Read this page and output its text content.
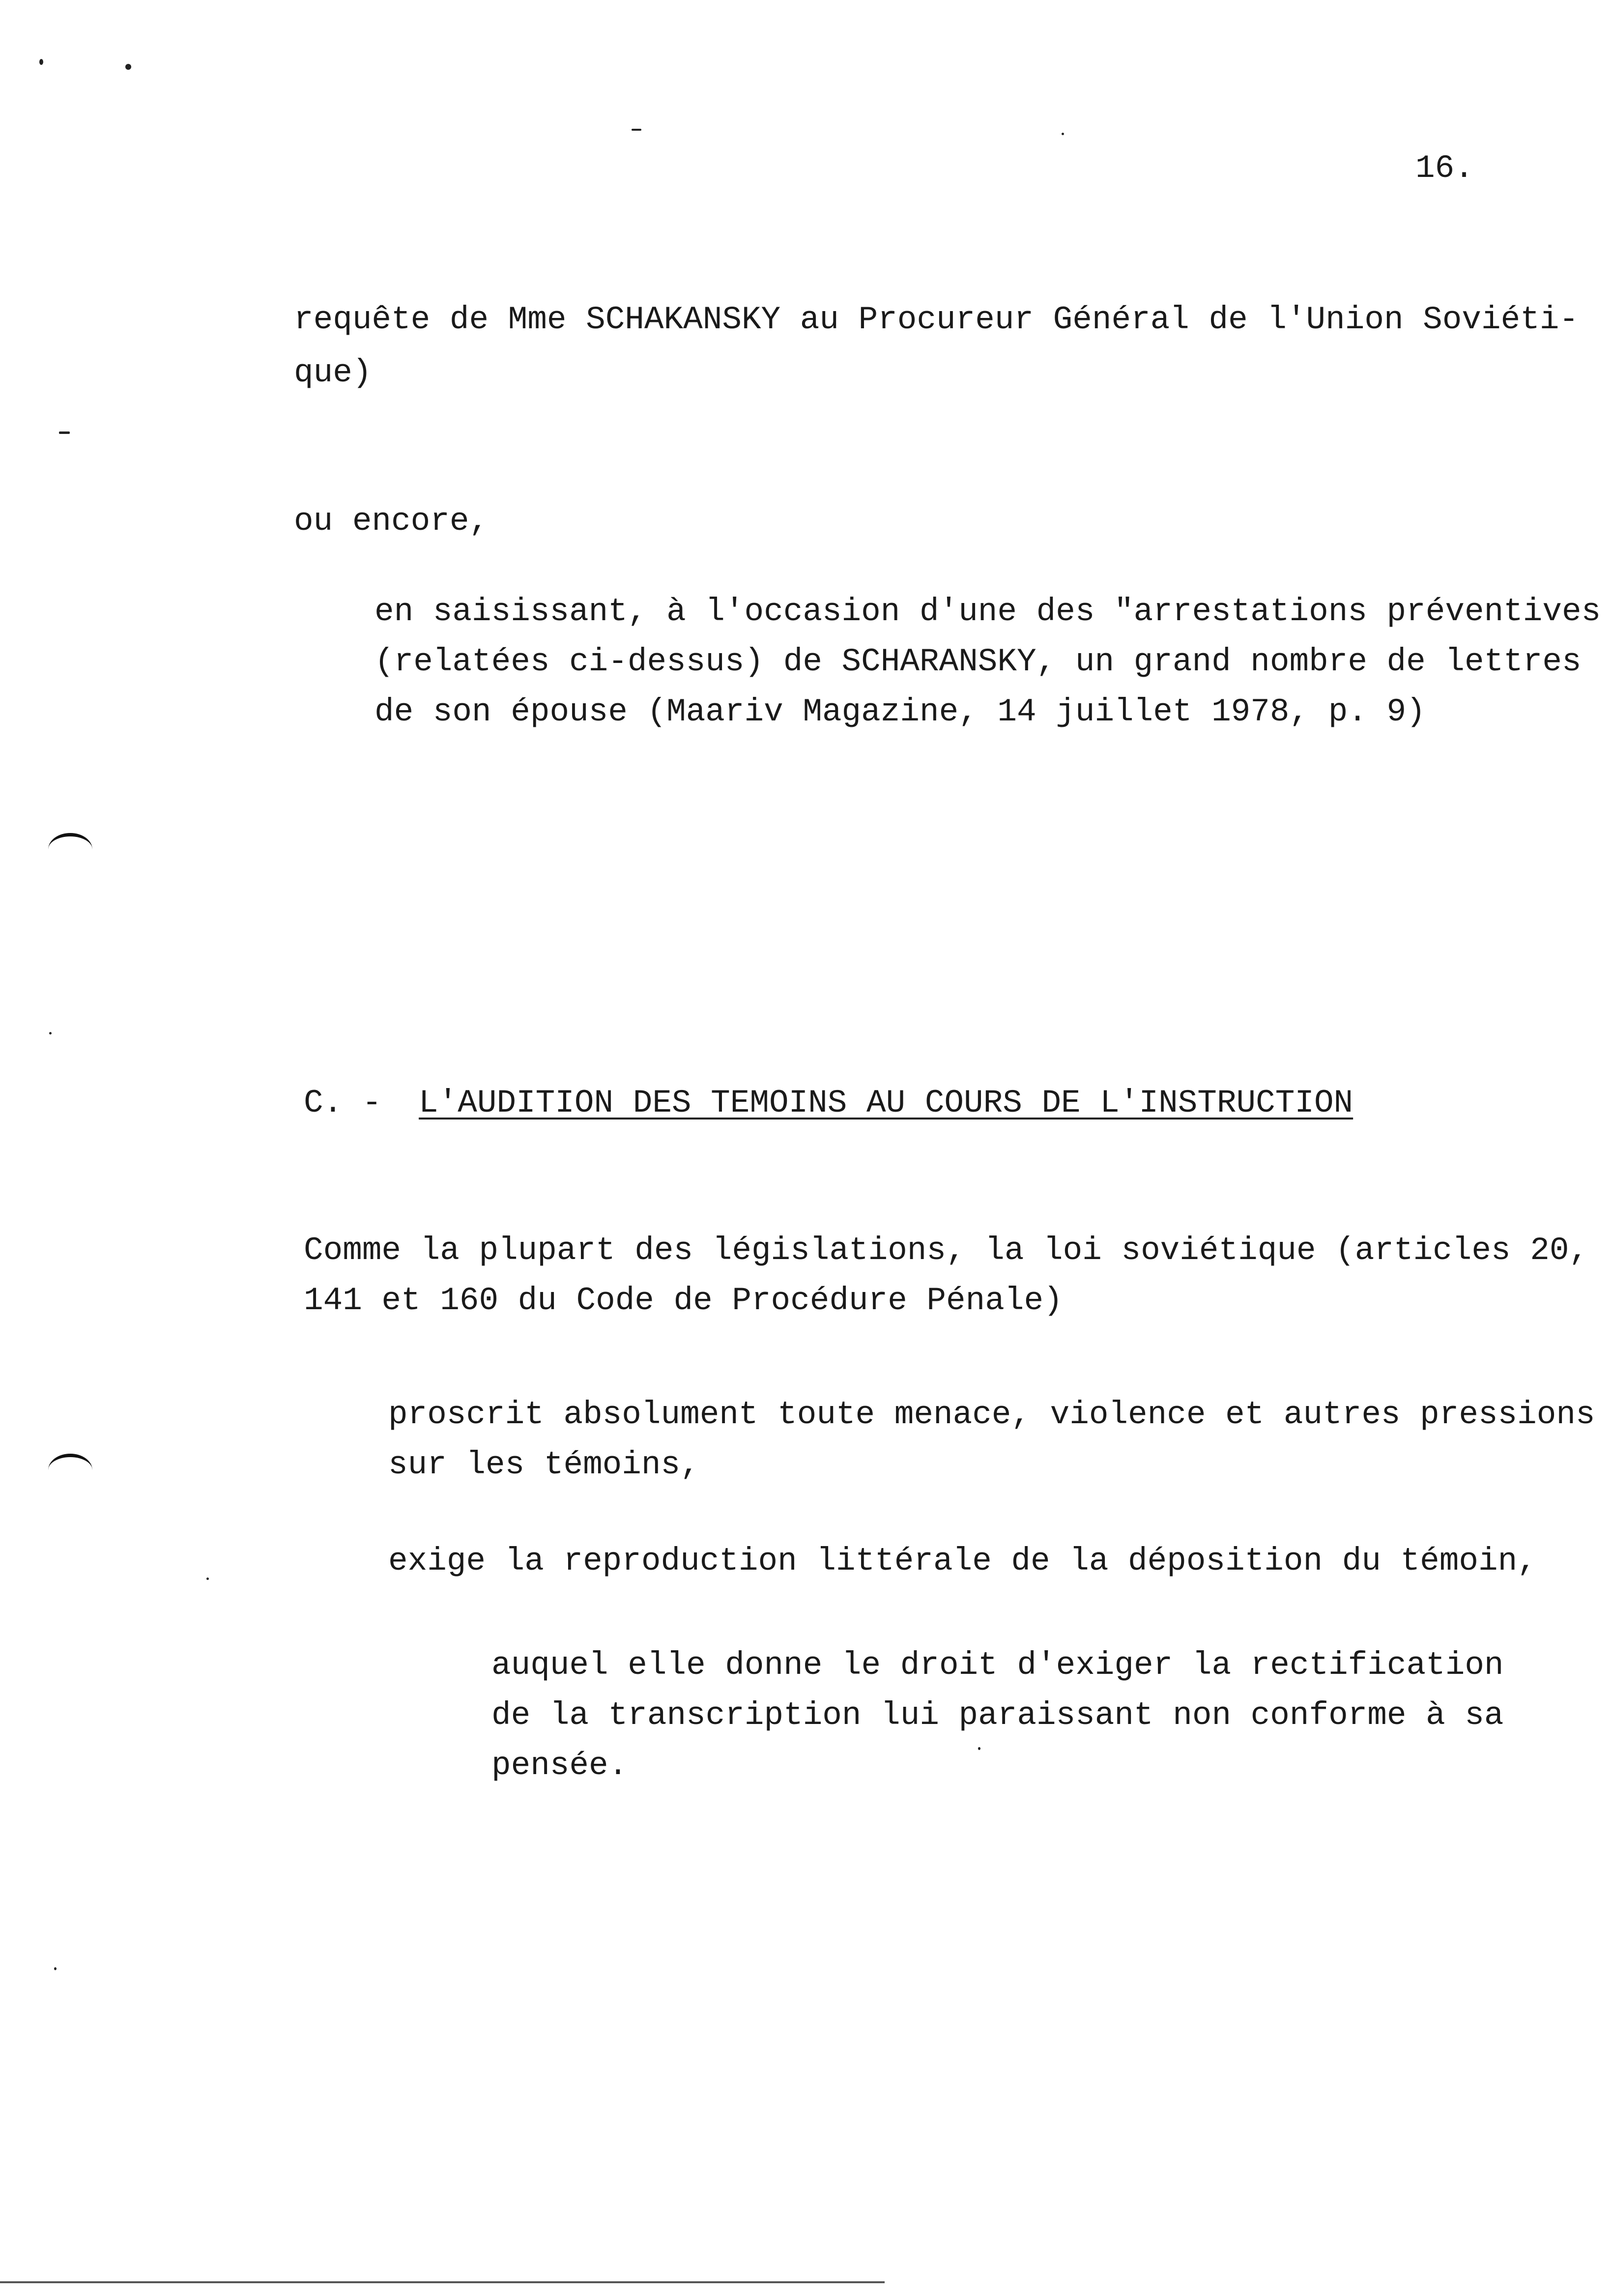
16.
requête de Mme SCHAKANSKY au Procureur Général de l'Union Soviéti-
que)
ou encore,
en saisissant, à l'occasion d'une des "arrestations préventives
(relatées ci-dessus) de SCHARANSKY, un grand nombre de lettres
de son épouse (Maariv Magazine, 14 juillet 1978, p. 9)
C. - L'AUDITION DES TEMOINS AU COURS DE L'INSTRUCTION
Comme la plupart des législations, la loi soviétique (articles 20,
141 et 160 du Code de Procédure Pénale)
proscrit absolument toute menace, violence et autres pressions
sur les témoins,
exige la reproduction littérale de la déposition du témoin,
auquel elle donne le droit d'exiger la rectification
de la transcription lui paraissant non conforme à sa
pensée.
